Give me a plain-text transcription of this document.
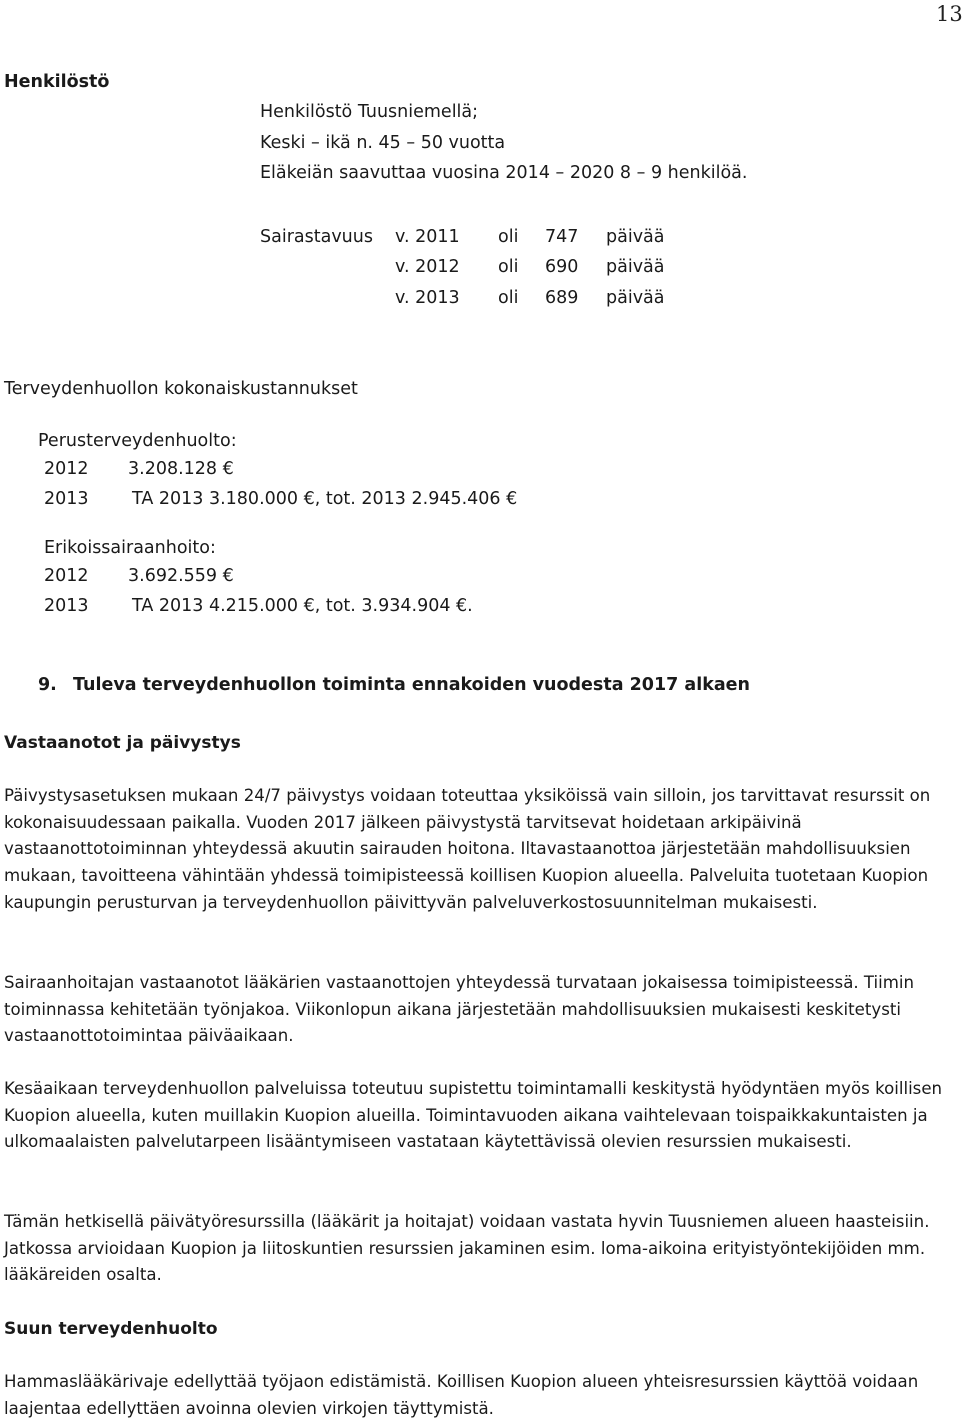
13
Henkilöstö
Henkilöstö Tuusniemellä;
Keski – ikä n. 45 – 50 vuotta
Eläkeiän saavuttaa vuosina 2014 – 2020 8 – 9 henkilöä.
Sairastavuus v. 2011 oli 747 päivää
v. 2012 oli 690 päivää
v. 2013 oli 689 päivää
Terveydenhuollon kokonaiskustannukset
Perusterveydenhuolto:
2012 3.208.128 €
2013 TA 2013 3.180.000 €, tot. 2013 2.945.406 €
Erikoissairaanhoito:
2012 3.692.559 €
2013 TA 2013 4.215.000 €, tot. 3.934.904 €.
9. Tuleva terveydenhuollon toiminta ennakoiden vuodesta 2017 alkaen
Vastaanotot ja päivystys

Päivystysasetuksen mukaan 24/7 päivystys voidaan toteuttaa yksiköissä vain silloin, jos tarvittavat resurssit on kokonaisuudessaan paikalla. Vuoden 2017 jälkeen päivystystä tarvitsevat hoidetaan arkipäivinä vastaanottotoiminnan yhteydessä akuutin sairauden hoitona. Iltavastaanottoa järjestetään mahdollisuuksien mukaan, tavoitteena vähintään yhdessä toimipisteessä koillisen Kuopion alueella. Palveluita tuotetaan Kuopion kaupungin perusturvan ja terveydenhuollon päivittyvän palveluverkostosuunnitelman mukaisesti.

Sairaanhoitajan vastaanotot lääkärien vastaanottojen yhteydessä turvataan jokaisessa toimipisteessä. Tiimin toiminnassa kehitetään työnjakoa. Viikonlopun aikana järjestetään mahdollisuuksien mukaisesti keskitetysti vastaanottotoimintaa päiväaikaan.

Kesäaikaan terveydenhuollon palveluissa toteutuu supistettu toimintamalli keskitystä hyödyntäen myös koillisen Kuopion alueella, kuten muillakin Kuopion alueilla. Toimintavuoden aikana vaihtelevaan toispaikkakuntaisten ja ulkomaalaisten palvelutarpeen lisääntymiseen vastataan käytettävissä olevien resurssien mukaisesti.

Tämän hetkisellä päivätyöresurssilla (lääkärit ja hoitajat) voidaan vastata hyvin Tuusniemen alueen haasteisiin. Jatkossa arvioidaan Kuopion ja liitoskuntien resurssien jakaminen esim. loma-aikoina erityistyöntekijöiden mm. lääkäreiden osalta.

Suun terveydenhuolto

Hammaslääkärivaje edellyttää työjaon edistämistä. Koillisen Kuopion alueen yhteisresurssien käyttöä voidaan laajentaa edellyttäen avoinna olevien virkojen täyttymistä.
